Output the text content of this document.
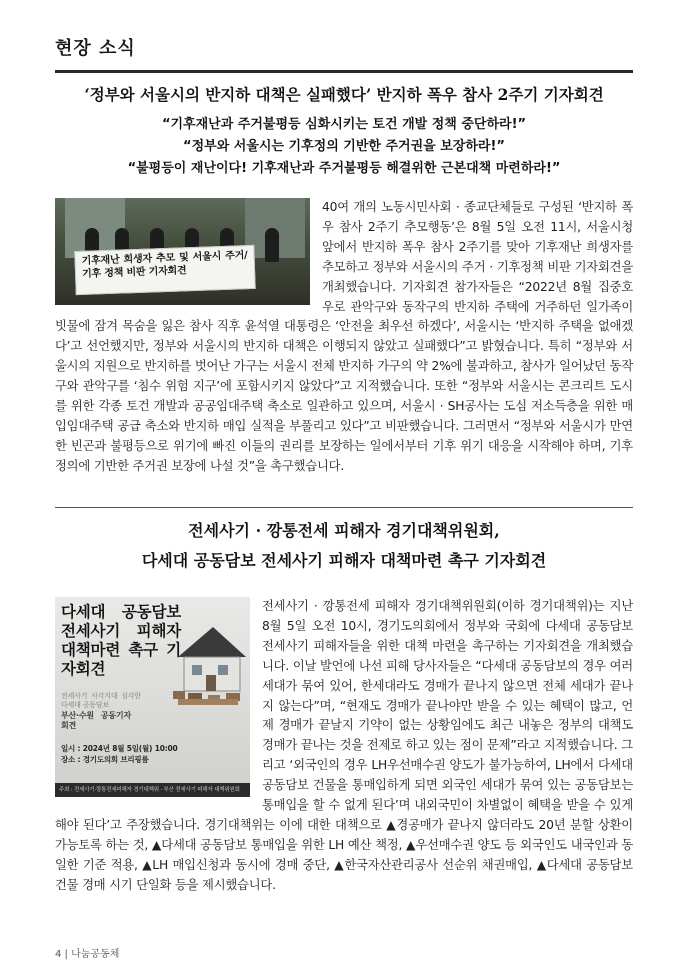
현장 소식
‘정부와 서울시의 반지하 대책은 실패했다’ 반지하 폭우 참사 2주기 기자회견
“기후재난과 주거불평등 심화시키는 토건 개발 정책 중단하라!”
“정부와 서울시는 기후정의 기반한 주거권을 보장하라!”
“불평등이 재난이다! 기후재난과 주거불평등 해결위한 근본대책 마련하라!”
기후재난 희생자 추모 및 서울시 주거/기후 정책 비판 기자회견
40여 개의 노동시민사회 · 종교단체들로 구성된 ‘반지하 폭우 참사 2주기 추모행동’은 8월 5일 오전 11시, 서울시청 앞에서 반지하 폭우 참사 2주기를 맞아 기후재난 희생자를 추모하고 정부와 서울시의 주거 · 기후정책 비판 기자회견을 개최했습니다. 기자회견 참가자들은 “2022년 8월 집중호우로 관악구와 동작구의 반지하 주택에 거주하던 일가족이 빗물에 잠겨 목숨을 잃은 참사 직후 윤석열 대통령은 ‘안전을 최우선 하겠다’, 서울시는 ‘반지하 주택을 없애겠다’고 선언했지만, 정부와 서울시의 반지하 대책은 이행되지 않았고 실패했다”고 밝혔습니다. 특히 “정부와 서울시의 지원으로 반지하를 벗어난 가구는 서울시 전체 반지하 가구의 약 2%에 불과하고, 참사가 일어났던 동작구와 관악구를 ‘침수 위험 지구’에 포함시키지 않았다”고 지적했습니다. 또한 “정부와 서울시는 콘크리트 도시를 위한 각종 토건 개발과 공공임대주택 축소로 일관하고 있으며, 서울시 · SH공사는 도심 저소득층을 위한 매입임대주택 공급 축소와 반지하 매입 실적을 부풀리고 있다”고 비판했습니다. 그러면서 “정부와 서울시가 만연한 빈곤과 불평등으로 위기에 빠진 이들의 권리를 보장하는 일에서부터 기후 위기 대응을 시작해야 하며, 기후정의에 기반한 주거권 보장에 나설 것”을 촉구했습니다.
전세사기 · 깡통전세 피해자 경기대책위원회,
다세대 공동담보 전세사기 피해자 대책마련 촉구 기자회견
다세대 공동담보 전세사기 피해자 대책마련 촉구 기자회견
전세사기 사각지대 심각한 다세대 공동담보
부산·수원 공동기자회견
일시 : 2024년 8월 5일(월) 10:00
장소 : 경기도의회 브리핑룸
주최 : 전세사기·깡통전세피해자 경기대책위 · 부산 전세사기 피해자 대책위원회
전세사기 · 깡통전세 피해자 경기대책위원회(이하 경기대책위)는 지난 8월 5일 오전 10시, 경기도의회에서 정부와 국회에 다세대 공동담보 전세사기 피해자들을 위한 대책 마련을 촉구하는 기자회견을 개최했습니다. 이날 발언에 나선 피해 당사자들은 “다세대 공동담보의 경우 여러 세대가 묶여 있어, 한세대라도 경매가 끝나지 않으면 전체 세대가 끝나지 않는다”며, “현재도 경매가 끝나야만 받을 수 있는 혜택이 많고, 언제 경매가 끝날지 기약이 없는 상황임에도 최근 내놓은 정부의 대책도 경매가 끝나는 것을 전제로 하고 있는 점이 문제”라고 지적했습니다. 그리고 ‘외국인의 경우 LH우선매수권 양도가 불가능하여, LH에서 다세대 공동담보 건물을 통매입하게 되면 외국인 세대가 묶여 있는 공동담보는 통매입을 할 수 없게 된다’며 내외국민이 차별없이 혜택을 받을 수 있게 해야 된다’고 주장했습니다. 경기대책위는 이에 대한 대책으로 ▲경공매가 끝나지 않더라도 20년 분할 상환이 가능토록 하는 것, ▲다세대 공동담보 통매입을 위한 LH 예산 책정, ▲우선매수권 양도 등 외국인도 내국인과 동일한 기준 적용, ▲LH 매입신청과 동시에 경매 중단, ▲한국자산관리공사 선순위 채권매입, ▲다세대 공동담보 건물 경매 시기 단일화 등을 제시했습니다.
4 | 나눔공동체
